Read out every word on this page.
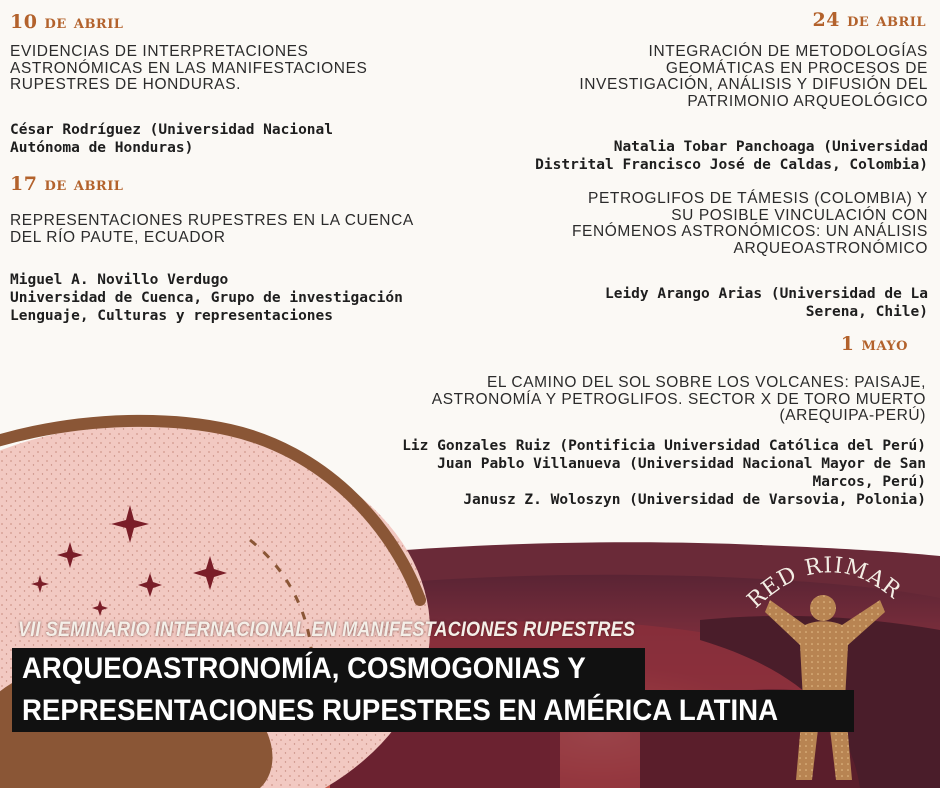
10 de abril
EVIDENCIAS DE INTERPRETACIONES
ASTRONÓMICAS EN LAS MANIFESTACIONES
RUPESTRES DE HONDURAS.
César Rodríguez (Universidad Nacional
Autónoma de Honduras)
17 de abril
REPRESENTACIONES RUPESTRES EN LA CUENCA
DEL RÍO PAUTE, ECUADOR
Miguel A. Novillo Verdugo
Universidad de Cuenca, Grupo de investigación
Lenguaje, Culturas y representaciones
24 de abril
INTEGRACIÓN DE METODOLOGÍAS
GEOMÁTICAS EN PROCESOS DE
INVESTIGACIÓN, ANÁLISIS Y DIFUSIÓN DEL
PATRIMONIO ARQUEOLÓGICO
Natalia Tobar Panchoaga (Universidad
Distrital Francisco José de Caldas, Colombia)
PETROGLIFOS DE TÁMESIS (COLOMBIA) Y
SU POSIBLE VINCULACIÓN CON
FENÓMENOS ASTRONÓMICOS: UN ANÁLISIS
ARQUEOASTRONÓMICO
Leidy Arango Arias (Universidad de La
Serena, Chile)
1 mayo
EL CAMINO DEL SOL SOBRE LOS VOLCANES: PAISAJE,
ASTRONOMÍA Y PETROGLIFOS. SECTOR X DE TORO MUERTO
(AREQUIPA-PERÚ)
Liz Gonzales Ruiz (Pontificia Universidad Católica del Perú)
Juan Pablo Villanueva (Universidad Nacional Mayor de San
Marcos, Perú)
Janusz Z. Woloszyn (Universidad de Varsovia, Polonia)
RED RIIMAR
VII SEMINARIO INTERNACIONAL EN MANIFESTACIONES RUPESTRES
ARQUEOASTRONOMÍA, COSMOGONIAS Y
REPRESENTACIONES RUPESTRES EN AMÉRICA LATINA
